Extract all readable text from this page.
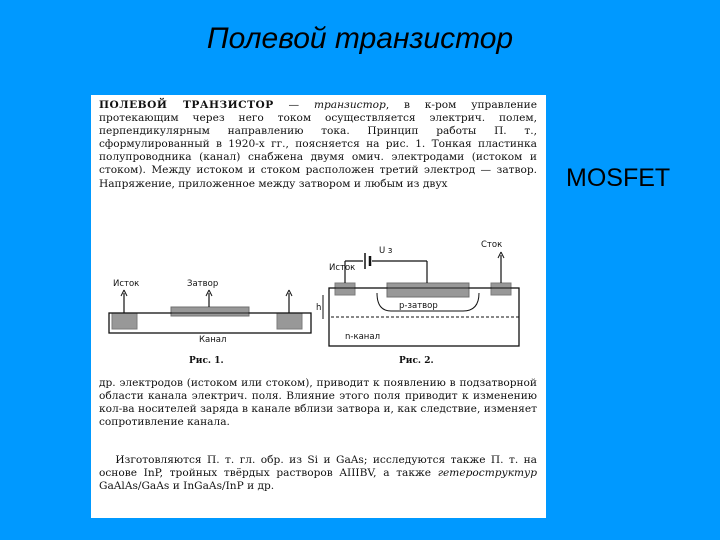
Полевой транзистор
MOSFET

ПОЛЕВОЙ ТРАНЗИСТОР — транзистор, в к-ром управление протекающим через него током осуществляется электрич. полем, перпендикулярным направлению тока. Принцип работы П. т., сформулированный в 1920-х гг., поясняется на рис. 1. Тонкая пластинка полупроводника (канал) снабжена двумя омич. электродами (истоком и стоком). Между истоком и стоком расположен третий электрод — затвор. Напряжение, приложенное между затвором и любым из двух

Исток	Затвор
Канал
Рис. 1.
Сток
Исток
U з
p-затвор
h
n-канал
Рис. 2.

др. электродов (истоком или стоком), приводит к появлению в подзатворной области канала электрич. поля. Влияние этого поля приводит к изменению кол-ва носителей заряда в канале вблизи затвора и, как следствие, изменяет сопротивление канала.

Изготовляются П. т. гл. обр. из Si и GaAs; исследуются также П. т. на основе InP, тройных твёрдых растворов AIIIBV, а также гетероструктур GaAlAs/GaAs и InGaAs/InP и др.
